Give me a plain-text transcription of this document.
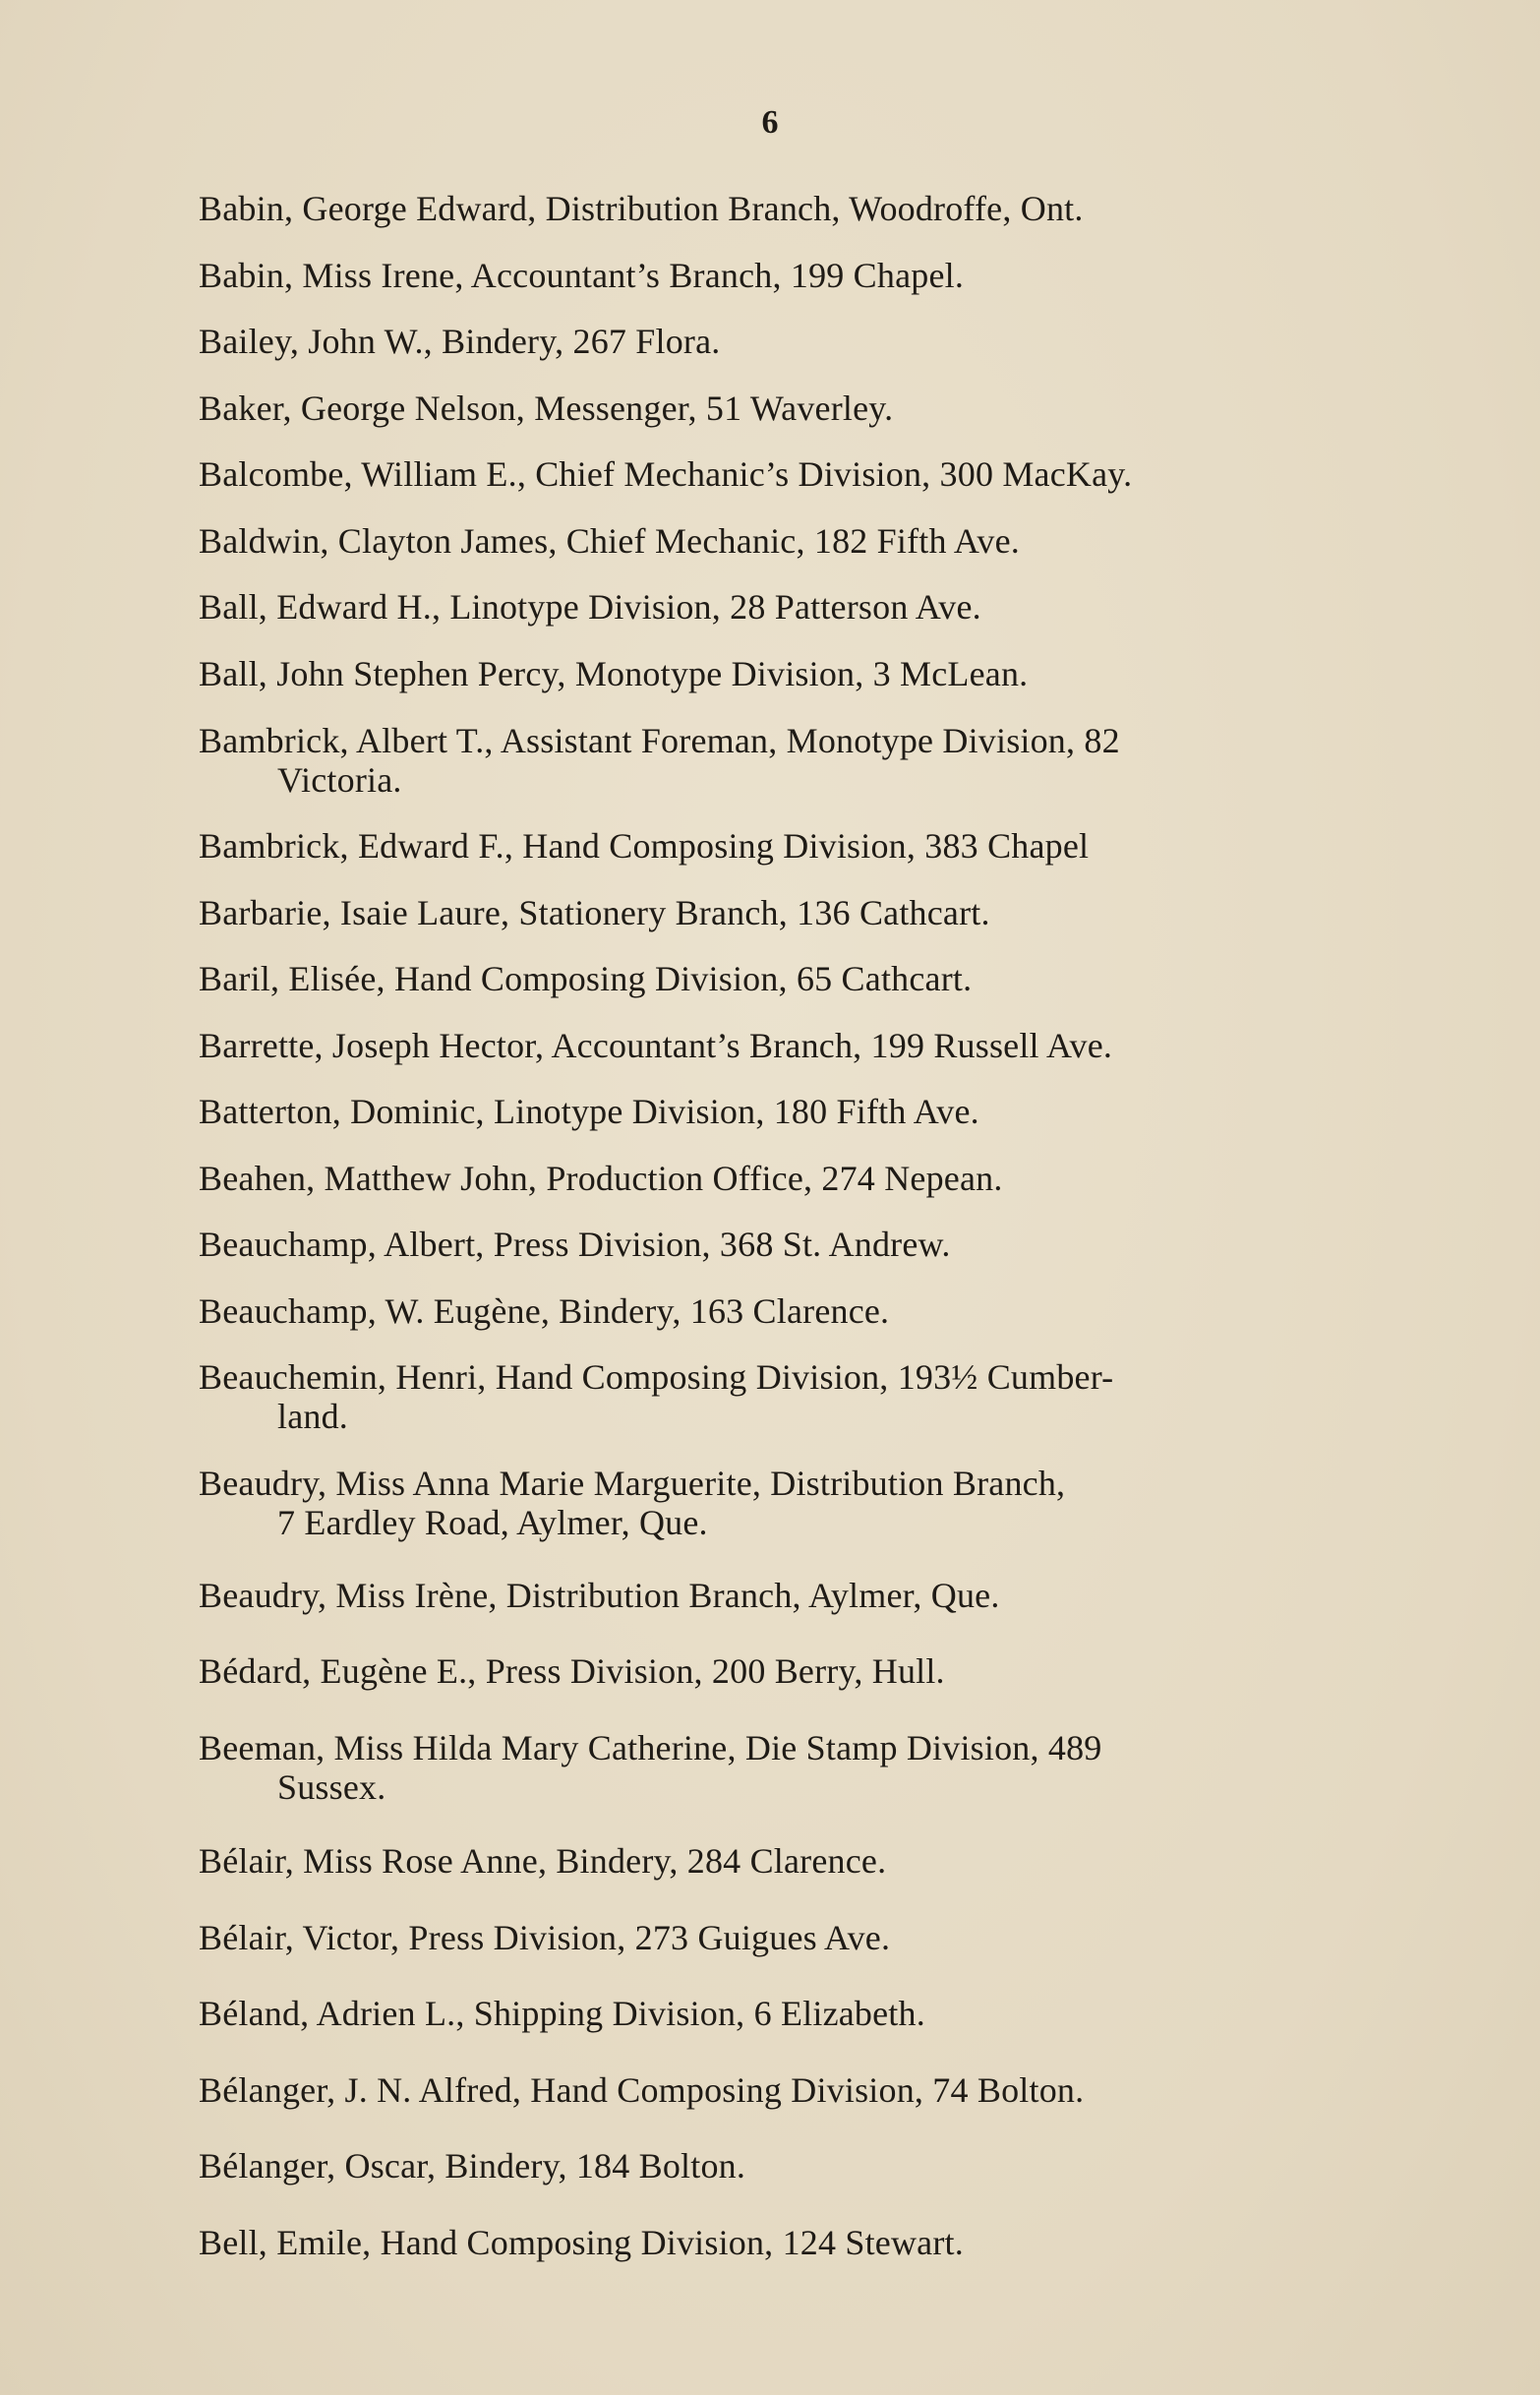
6
Babin, George Edward, Distribution Branch, Woodroffe, Ont.
Babin, Miss Irene, Accountant’s Branch, 199 Chapel.
Bailey, John W., Bindery, 267 Flora.
Baker, George Nelson, Messenger, 51 Waverley.
Balcombe, William E., Chief Mechanic’s Division, 300 MacKay.
Baldwin, Clayton James, Chief Mechanic, 182 Fifth Ave.
Ball, Edward H., Linotype Division, 28 Patterson Ave.
Ball, John Stephen Percy, Monotype Division, 3 McLean.
Bambrick, Albert T., Assistant Foreman, Monotype Division, 82
Victoria.
Bambrick, Edward F., Hand Composing Division, 383 Chapel
Barbarie, Isaie Laure, Stationery Branch, 136 Cathcart.
Baril, Elisée, Hand Composing Division, 65 Cathcart.
Barrette, Joseph Hector, Accountant’s Branch, 199 Russell Ave.
Batterton, Dominic, Linotype Division, 180 Fifth Ave.
Beahen, Matthew John, Production Office, 274 Nepean.
Beauchamp, Albert, Press Division, 368 St. Andrew.
Beauchamp, W. Eugène, Bindery, 163 Clarence.
Beauchemin, Henri, Hand Composing Division, 193½ Cumber-
land.
Beaudry, Miss Anna Marie Marguerite, Distribution Branch,
7 Eardley Road, Aylmer, Que.
Beaudry, Miss Irène, Distribution Branch, Aylmer, Que.
Bédard, Eugène E., Press Division, 200 Berry, Hull.
Beeman, Miss Hilda Mary Catherine, Die Stamp Division, 489
Sussex.
Bélair, Miss Rose Anne, Bindery, 284 Clarence.
Bélair, Victor, Press Division, 273 Guigues Ave.
Béland, Adrien L., Shipping Division, 6 Elizabeth.
Bélanger, J. N. Alfred, Hand Composing Division, 74 Bolton.
Bélanger, Oscar, Bindery, 184 Bolton.
Bell, Emile, Hand Composing Division, 124 Stewart.
